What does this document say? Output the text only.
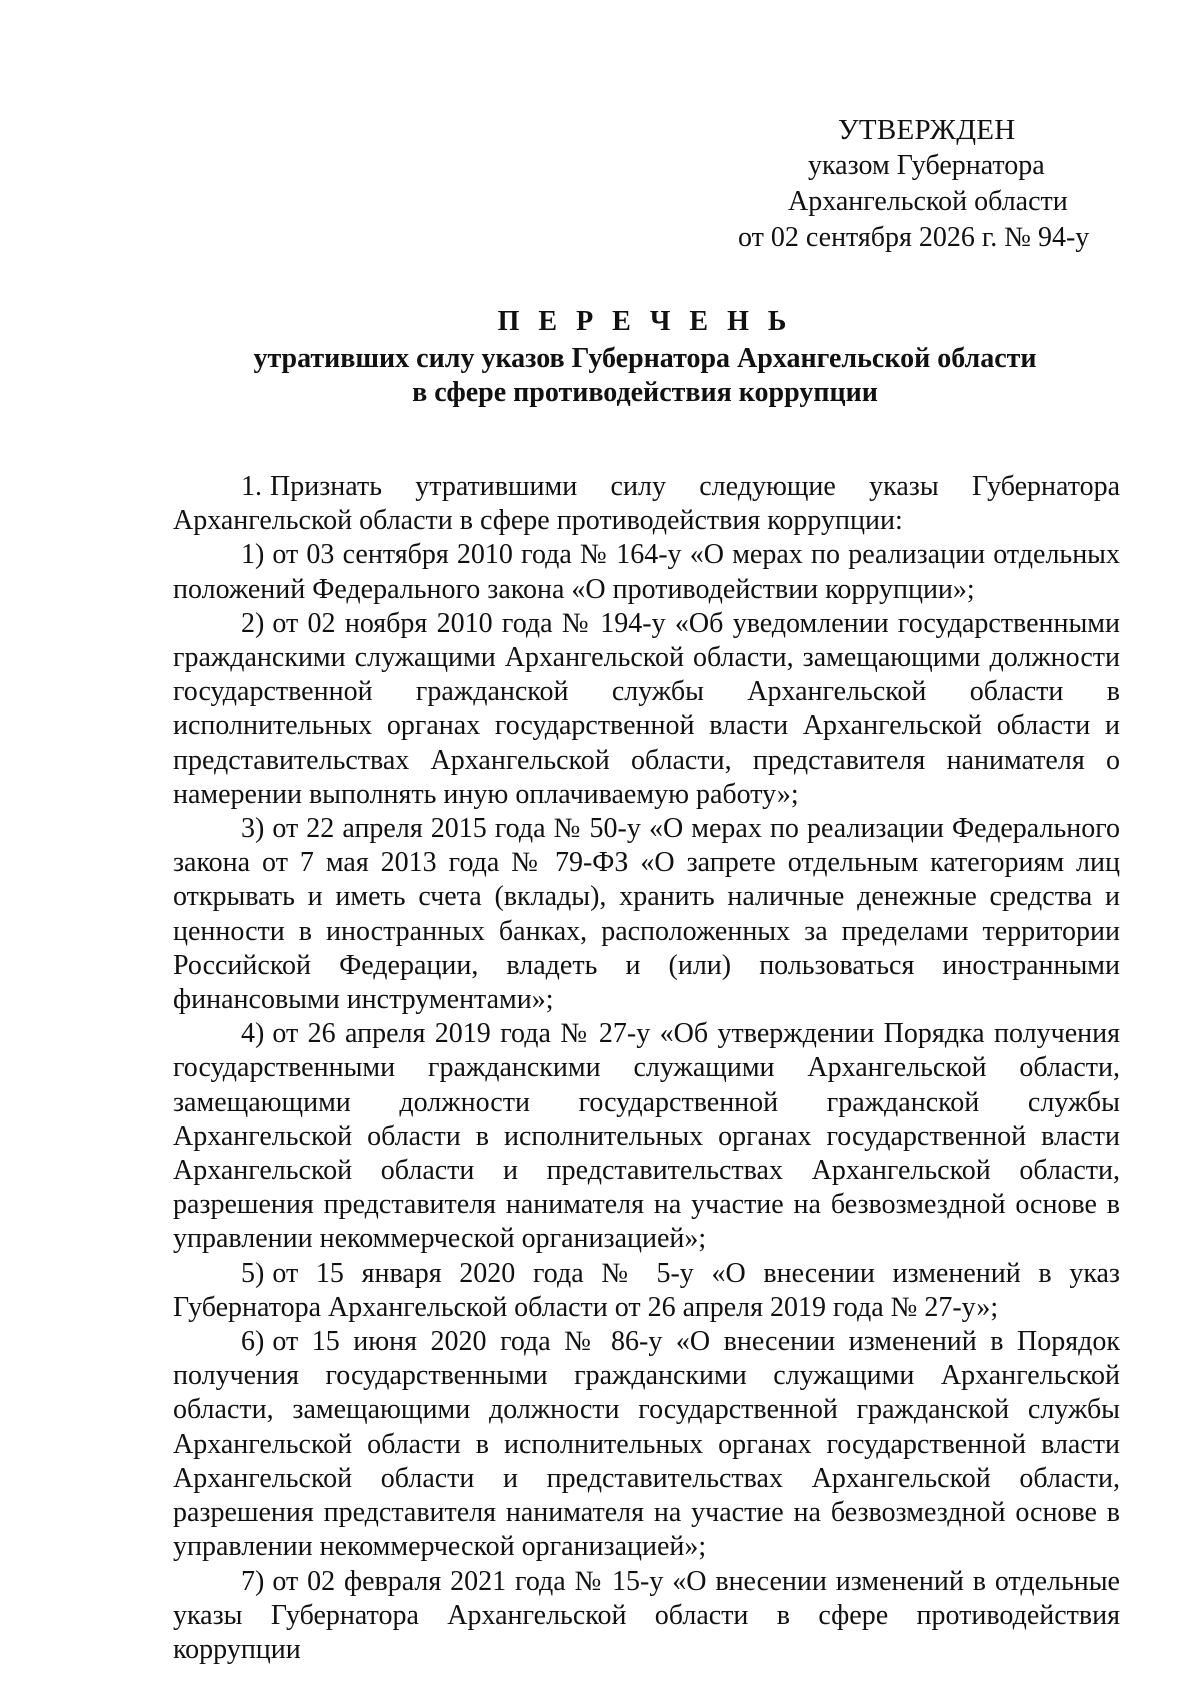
УТВЕРЖДЕН
указом Губернатора
Архангельской области
от 02 сентября 2026 г. № 94-у
П Е Р Е Ч Е Н Ь
утративших силу указов Губернатора Архангельской области
в сфере противодействия коррупции

1. Признать утратившими силу следующие указы Губернатора Архангельской области в сфере противодействия коррупции:

1) от 03 сентября 2010 года № 164-у «О мерах по реализации отдельных положений Федерального закона «О противодействии коррупции»;

2) от 02 ноября 2010 года № 194-у «Об уведомлении государственными гражданскими служащими Архангельской области, замещающими должности государственной гражданской службы Архангельской области в исполнительных органах государственной власти Архангельской области и представительствах Архангельской области, представителя нанимателя о намерении выполнять иную оплачиваемую работу»;

3) от 22 апреля 2015 года № 50-у «О мерах по реализации Федерального закона от 7 мая 2013 года № 79-ФЗ «О запрете отдельным категориям лиц открывать и иметь счета (вклады), хранить наличные денежные средства и ценности в иностранных банках, расположенных за пределами территории Российской Федерации, владеть и (или) пользоваться иностранными финансовыми инструментами»;

4) от 26 апреля 2019 года № 27-у «Об утверждении Порядка получения государственными гражданскими служащими Архангельской области, замещающими должности государственной гражданской службы Архангельской области в исполнительных органах государственной власти Архангельской области и представительствах Архангельской области, разрешения представителя нанимателя на участие на безвозмездной основе в управлении некоммерческой организацией»;

5) от 15 января 2020 года № 5-у «О внесении изменений в указ Губернатора Архангельской области от 26 апреля 2019 года № 27-у»;

6) от 15 июня 2020 года № 86-у «О внесении изменений в Порядок получения государственными гражданскими служащими Архангельской области, замещающими должности государственной гражданской службы Архангельской области в исполнительных органах государственной власти Архангельской области и представительствах Архангельской области, разрешения представителя нанимателя на участие на безвозмездной основе в управлении некоммерческой организацией»;

7) от 02 февраля 2021 года № 15-у «О внесении изменений в отдельные указы Губернатора Архангельской области в сфере противодействия коррупции
